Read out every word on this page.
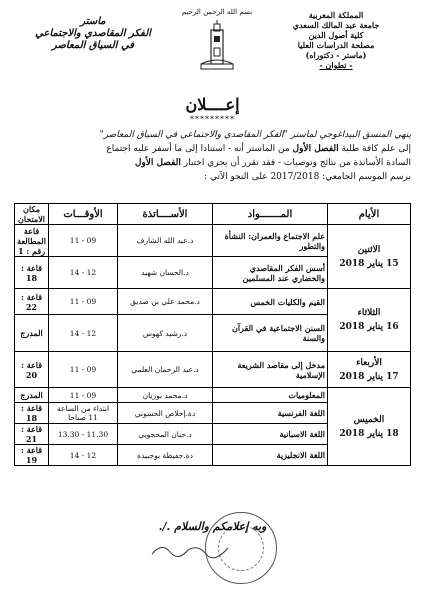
المملكة المغربية
جامعة عبد المالك السعدي
كلية أصول الدين
مصلحة الدراسات العليا
(ماستر - دكتوراه)
- تطوان -
بسم الله الرحمن الرحيم
ماستر
الفكر المقاصدي والاجتماعي
في السياق المعاصر
إعــــلان
*********
ينهي المنسق البيداغوجي لماستر "الفكر المقاصدي والاجتماعي في السياق المعاصر"
إلى علم كافة طلبة الفصل الأول من الماستر أنه - استنادا إلى ما أسفر عليه اجتماع
السادة الأساتذة من نتائج وتوصيات - فقد تقرر أن يجري اختبار الفصل الأول
برسم الموسم الجامعي: 2017/2018 على النحو الآتي :
الأيام	المـــــــواد	الأســــاتذة	الأوقـــات	مكان الامتحان

الاثنين
15 يناير 2018	علم الاجتماع والعمران: النشأة والتطور	د.عبد الله الشارف	09 - 11	قاعة المطالعة رقم : 1
	أسس الفكر المقاصدي والحضاري عند المسلمين	د.الحسان شهيد	12 - 14	قاعة : 18

الثلاثاء
16 يناير 2018	القيم والكليات الخمس	د.محمد علي بن صديق	09 - 11	قاعة : 22
	السنن الاجتماعية في القرآن والسنة	د.رشيد كهوس	12 - 14	المدرج

الأربعاء
17 يناير 2018	مدخل إلى مقاصد الشريعة الإسلامية	د.عبد الرحمان العلمي	09 - 11	قاعة : 20

الخميس
18 يناير 2018	المعلوميات	د.محمد بوريان	09 - 11	المدرج
	اللغة الفرنسية	دة.إخلاص الحسوني	ابتداء من الساعة 11 صباحا	قاعة : 18
	اللغة الاسبانية	د.حنان المحجوبي	11.30 - 13.30	قاعة : 21
	اللغة الانجليزية	دة.حفيظة بوجبيدة	12 - 14	قاعة : 19
وبه إعلامكم والسلام ./.
